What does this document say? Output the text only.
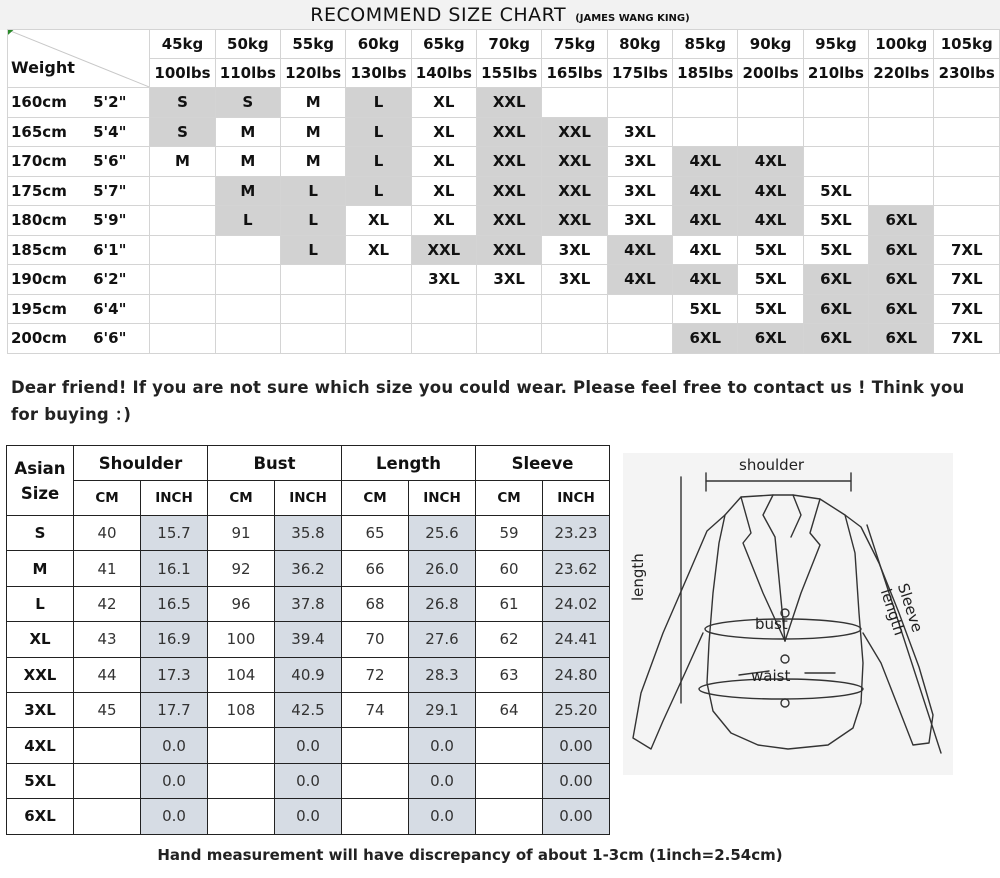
RECOMMEND SIZE CHART (JAMES WANG KING)
Weight		45kg	50kg	55kg	60kg	65kg	70kg	75kg	80kg	85kg	90kg	95kg	100kg	105kg
		100lbs	110lbs	120lbs	130lbs	140lbs	155lbs	165lbs	175lbs	185lbs	200lbs	210lbs	220lbs	230lbs
160cm	5'2"	S	S	M	L	XL	XXL							
165cm	5'4"	S	M	M	L	XL	XXL	XXL	3XL					
170cm	5'6"	M	M	M	L	XL	XXL	XXL	3XL	4XL	4XL			
175cm	5'7"		M	L	L	XL	XXL	XXL	3XL	4XL	4XL	5XL		
180cm	5'9"		L	L	XL	XL	XXL	XXL	3XL	4XL	4XL	5XL	6XL	
185cm	6'1"			L	XL	XXL	XXL	3XL	4XL	4XL	5XL	5XL	6XL	7XL
190cm	6'2"					3XL	3XL	3XL	4XL	4XL	5XL	6XL	6XL	7XL
195cm	6'4"									5XL	5XL	6XL	6XL	7XL
200cm	6'6"									6XL	6XL	6XL	6XL	7XL
Dear friend! If you are not sure which size you could wear. Please feel free to contact us ! Think you for buying ：)
Asian
Size	Shoulder		Bust		Length		Sleeve	
	CM	INCH	CM	INCH	CM	INCH	CM	INCH
S	40	15.7	91	35.8	65	25.6	59	23.23
M	41	16.1	92	36.2	66	26.0	60	23.62
L	42	16.5	96	37.8	68	26.8	61	24.02
XL	43	16.9	100	39.4	70	27.6	62	24.41
XXL	44	17.3	104	40.9	72	28.3	63	24.80
3XL	45	17.7	108	42.5	74	29.1	64	25.20
4XL		0.0		0.0		0.0		0.00
5XL		0.0		0.0		0.0		0.00
6XL		0.0		0.0		0.0		0.00
shoulder
length
bust
waist
Sleeve length
Hand measurement will have discrepancy of about 1-3cm (1inch=2.54cm)
